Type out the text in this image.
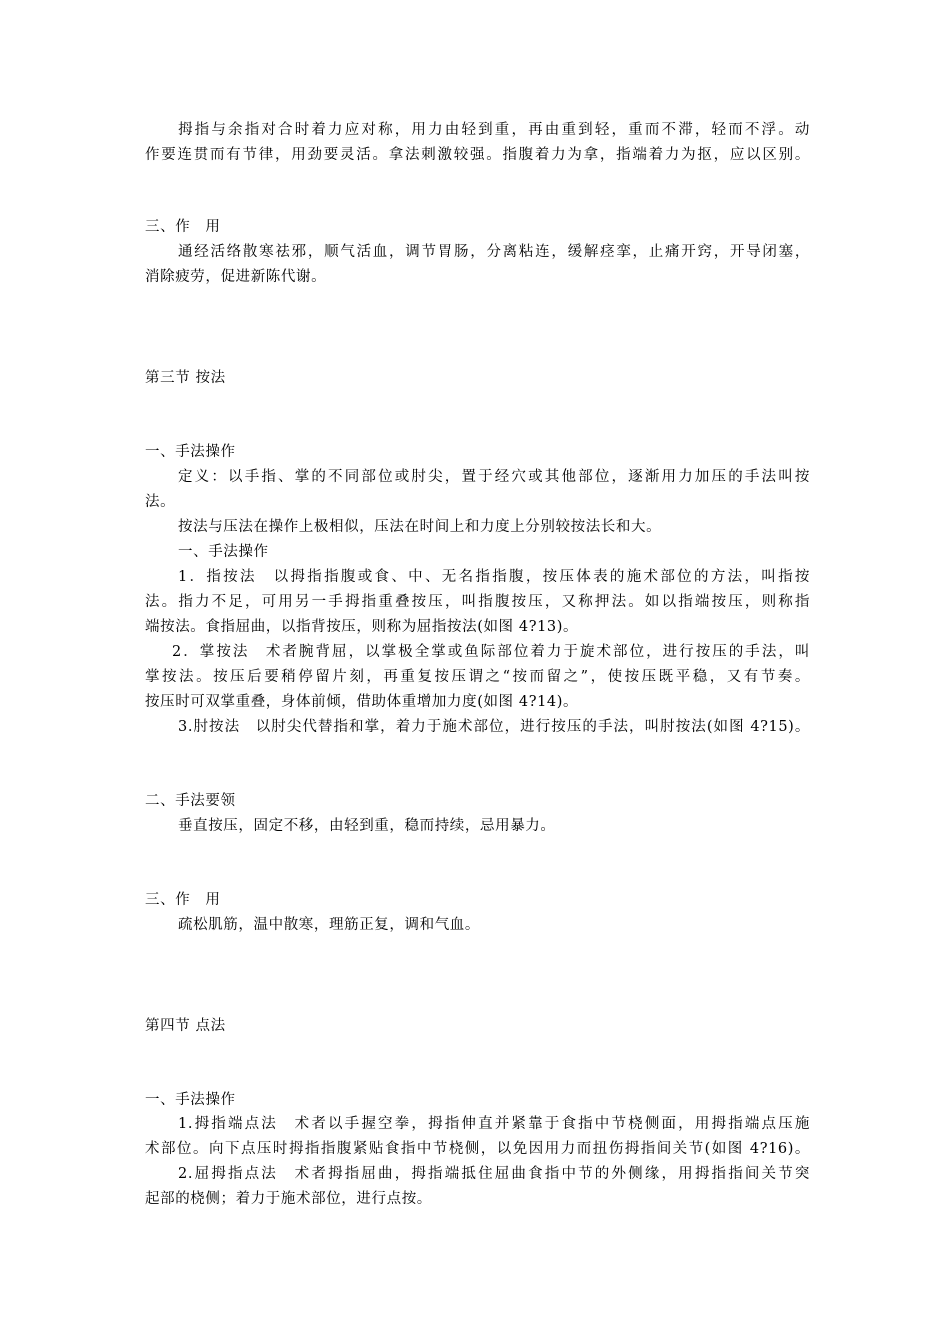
拇指与余指对合时着力应对称，用力由轻到重，再由重到轻，重而不滞，轻而不浮。动

作要连贯而有节律，用劲要灵活。拿法刺激较强。指腹着力为拿，指端着力为抠，应以区别。

三、作　用

通经活络散寒祛邪，顺气活血，调节胃肠，分离粘连，缓解痉挛，止痛开窍，开导闭塞，

消除疲劳，促进新陈代谢。

第三节 按法

一、手法操作

定义：以手指、掌的不同部位或肘尖，置于经穴或其他部位，逐渐用力加压的手法叫按

法。

按法与压法在操作上极相似，压法在时间上和力度上分别较按法长和大。

一、手法操作

1．指按法　以拇指指腹或食、中、无名指指腹，按压体表的施术部位的方法，叫指按

法。指力不足，可用另一手拇指重叠按压，叫指腹按压，又称押法。如以指端按压，则称指

端按法。食指屈曲，以指背按压，则称为屈指按法(如图 4?13)。

2．掌按法　术者腕背屈，以掌极全掌或鱼际部位着力于旋术部位，进行按压的手法，叫

掌按法。按压后要稍停留片刻，再重复按压谓之“按而留之”，使按压既平稳，又有节奏。

按压时可双掌重叠，身体前倾，借助体重增加力度(如图 4?14)。

3.肘按法　以肘尖代替指和掌，着力于施术部位，进行按压的手法，叫肘按法(如图 4?15)。

二、手法要领

垂直按压，固定不移，由轻到重，稳而持续，忌用暴力。

三、作　用

疏松肌筋，温中散寒，理筋正复，调和气血。

第四节 点法

一、手法操作

1.拇指端点法　术者以手握空拳，拇指伸直并紧靠于食指中节桡侧面，用拇指端点压施

术部位。向下点压时拇指指腹紧贴食指中节桡侧，以免因用力而扭伤拇指间关节(如图 4?16)。

2.屈拇指点法　术者拇指屈曲，拇指端抵住屈曲食指中节的外侧缘，用拇指指间关节突

起部的桡侧；着力于施术部位，进行点按。
